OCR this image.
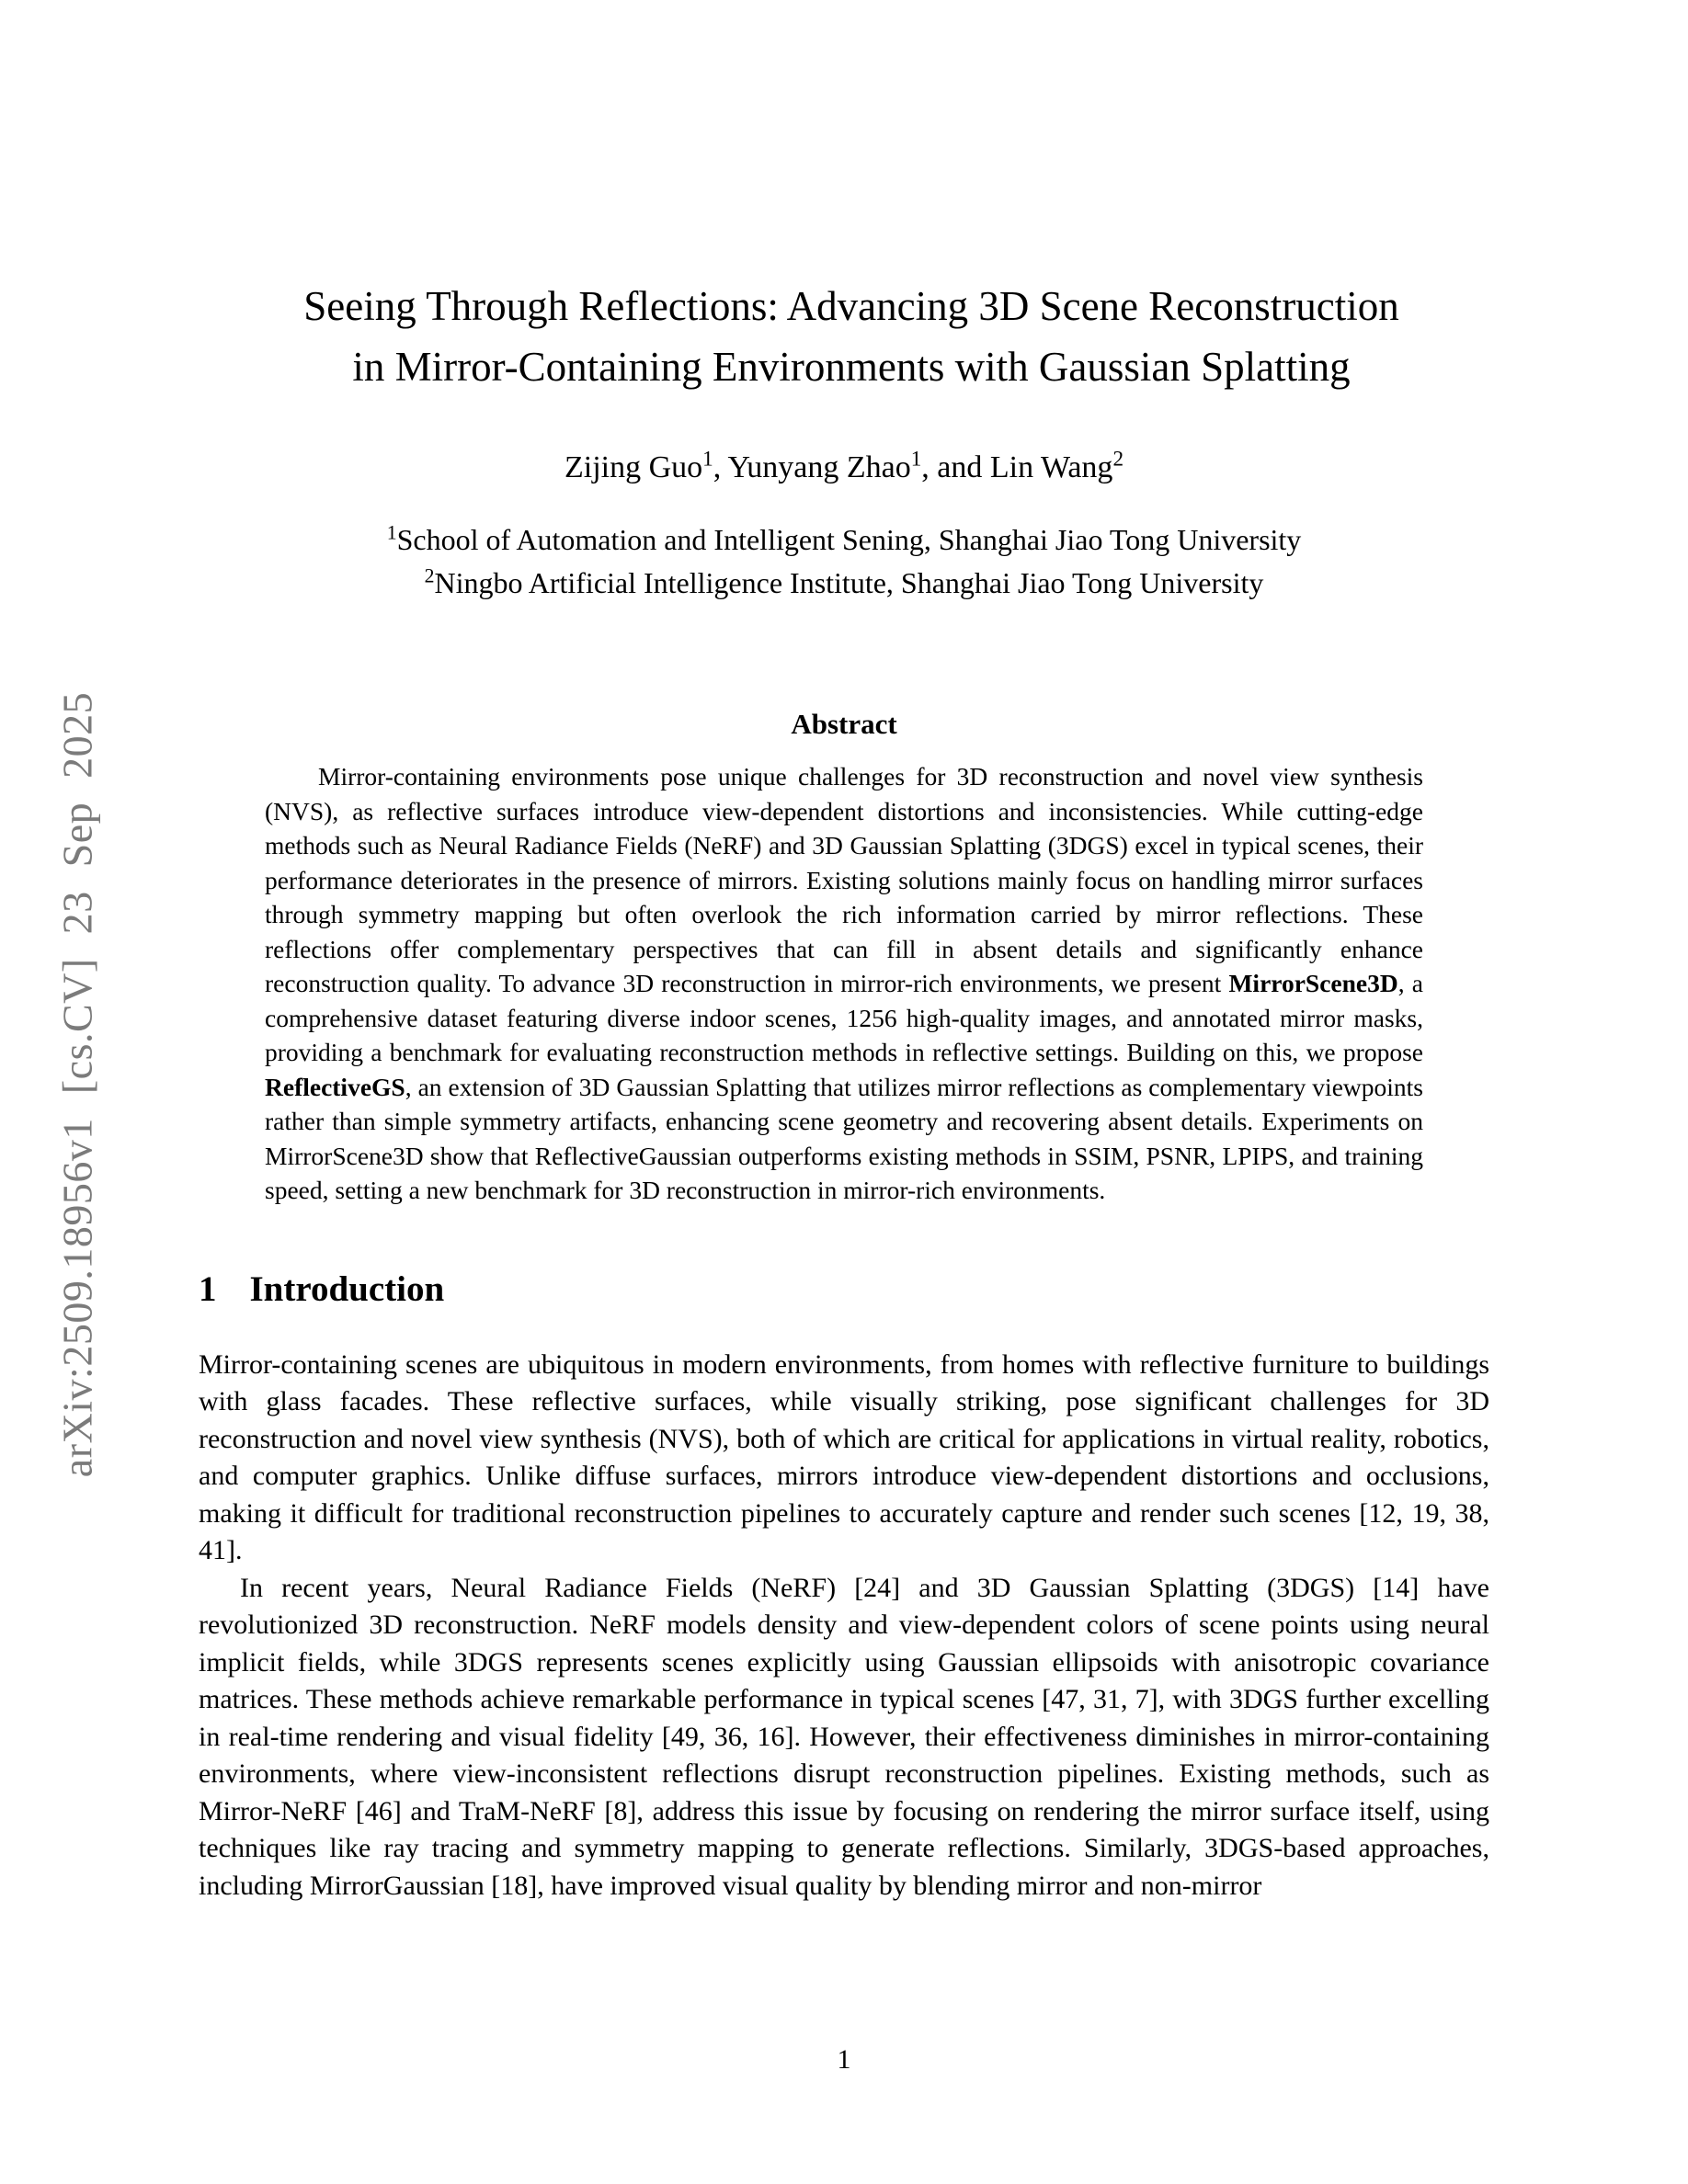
arXiv:2509.18956v1 [cs.CV] 23 Sep 2025
Seeing Through Reflections: Advancing 3D Scene Reconstruction
in Mirror-Containing Environments with Gaussian Splatting
Zijing Guo$^1$, Yunyang Zhao$^1$, and Lin Wang$^2$
$^1$School of Automation and Intelligent Sening, Shanghai Jiao Tong University
$^2$Ningbo Artificial Intelligence Institute, Shanghai Jiao Tong University
Abstract

Mirror-containing environments pose unique challenges for 3D reconstruction and novel view synthesis (NVS), as reflective surfaces introduce view-dependent distortions and inconsistencies. While cutting-edge methods such as Neural Radiance Fields (NeRF) and 3D Gaussian Splatting (3DGS) excel in typical scenes, their performance deteriorates in the presence of mirrors. Existing solutions mainly focus on handling mirror surfaces through symmetry mapping but often overlook the rich information carried by mirror reflections. These reflections offer complementary perspectives that can fill in absent details and significantly enhance reconstruction quality. To advance 3D reconstruction in mirror-rich environments, we present MirrorScene3D, a comprehensive dataset featuring diverse indoor scenes, 1256 high-quality images, and annotated mirror masks, providing a benchmark for evaluating reconstruction methods in reflective settings. Building on this, we propose ReflectiveGS, an extension of 3D Gaussian Splatting that utilizes mirror reflections as complementary viewpoints rather than simple symmetry artifacts, enhancing scene geometry and recovering absent details. Experiments on MirrorScene3D show that ReflectiveGaussian outperforms existing methods in SSIM, PSNR, LPIPS, and training speed, setting a new benchmark for 3D reconstruction in mirror-rich environments.

1 Introduction

Mirror-containing scenes are ubiquitous in modern environments, from homes with reflective furniture to buildings with glass facades. These reflective surfaces, while visually striking, pose significant challenges for 3D reconstruction and novel view synthesis (NVS), both of which are critical for applications in virtual reality, robotics, and computer graphics. Unlike diffuse surfaces, mirrors introduce view-dependent distortions and occlusions, making it difficult for traditional reconstruction pipelines to accurately capture and render such scenes [12, 19, 38, 41].

In recent years, Neural Radiance Fields (NeRF) [24] and 3D Gaussian Splatting (3DGS) [14] have revolutionized 3D reconstruction. NeRF models density and view-dependent colors of scene points using neural implicit fields, while 3DGS represents scenes explicitly using Gaussian ellipsoids with anisotropic covariance matrices. These methods achieve remarkable performance in typical scenes [47, 31, 7], with 3DGS further excelling in real-time rendering and visual fidelity [49, 36, 16]. However, their effectiveness diminishes in mirror-containing environments, where view-inconsistent reflections disrupt reconstruction pipelines. Existing methods, such as Mirror-NeRF [46] and TraM-NeRF [8], address this issue by focusing on rendering the mirror surface itself, using techniques like ray tracing and symmetry mapping to generate reflections. Similarly, 3DGS-based approaches, including MirrorGaussian [18], have improved visual quality by blending mirror and non-mirror

1
